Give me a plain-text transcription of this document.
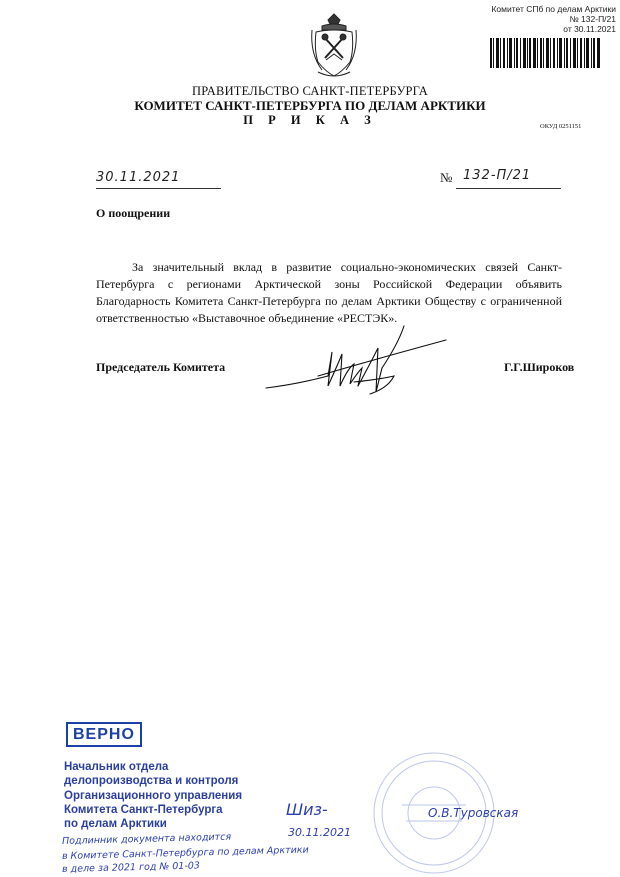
Комитет СПб по делам Арктики
№ 132-П/21
от 30.11.2021
ПРАВИТЕЛЬСТВО САНКТ-ПЕТЕРБУРГА
КОМИТЕТ САНКТ-ПЕТЕРБУРГА ПО ДЕЛАМ АРКТИКИ
П Р И К А З	ОКУД 0251151
30.11.2021	№ 132-П/21
О поощрении
За значительный вклад в развитие социально-экономических связей Санкт-Петербурга с регионами Арктической зоны Российской Федерации объявить Благодарность Комитета Санкт-Петербурга по делам Арктики Обществу с ограниченной ответственностью «Выставочное объединение «РЕСТЭК».
Председатель Комитета	Г.Г.Широков
ВЕРНО
Начальник отдела
делопроизводства и контроля
Организационного управления
Комитета Санкт-Петербурга
по делам Арктики
Шиз-
30.11.2021
О.В.Туровская
Подлинник документа находится
в Комитете Санкт-Петербурга по делам Арктики
в деле за 2021 год № 01-03
